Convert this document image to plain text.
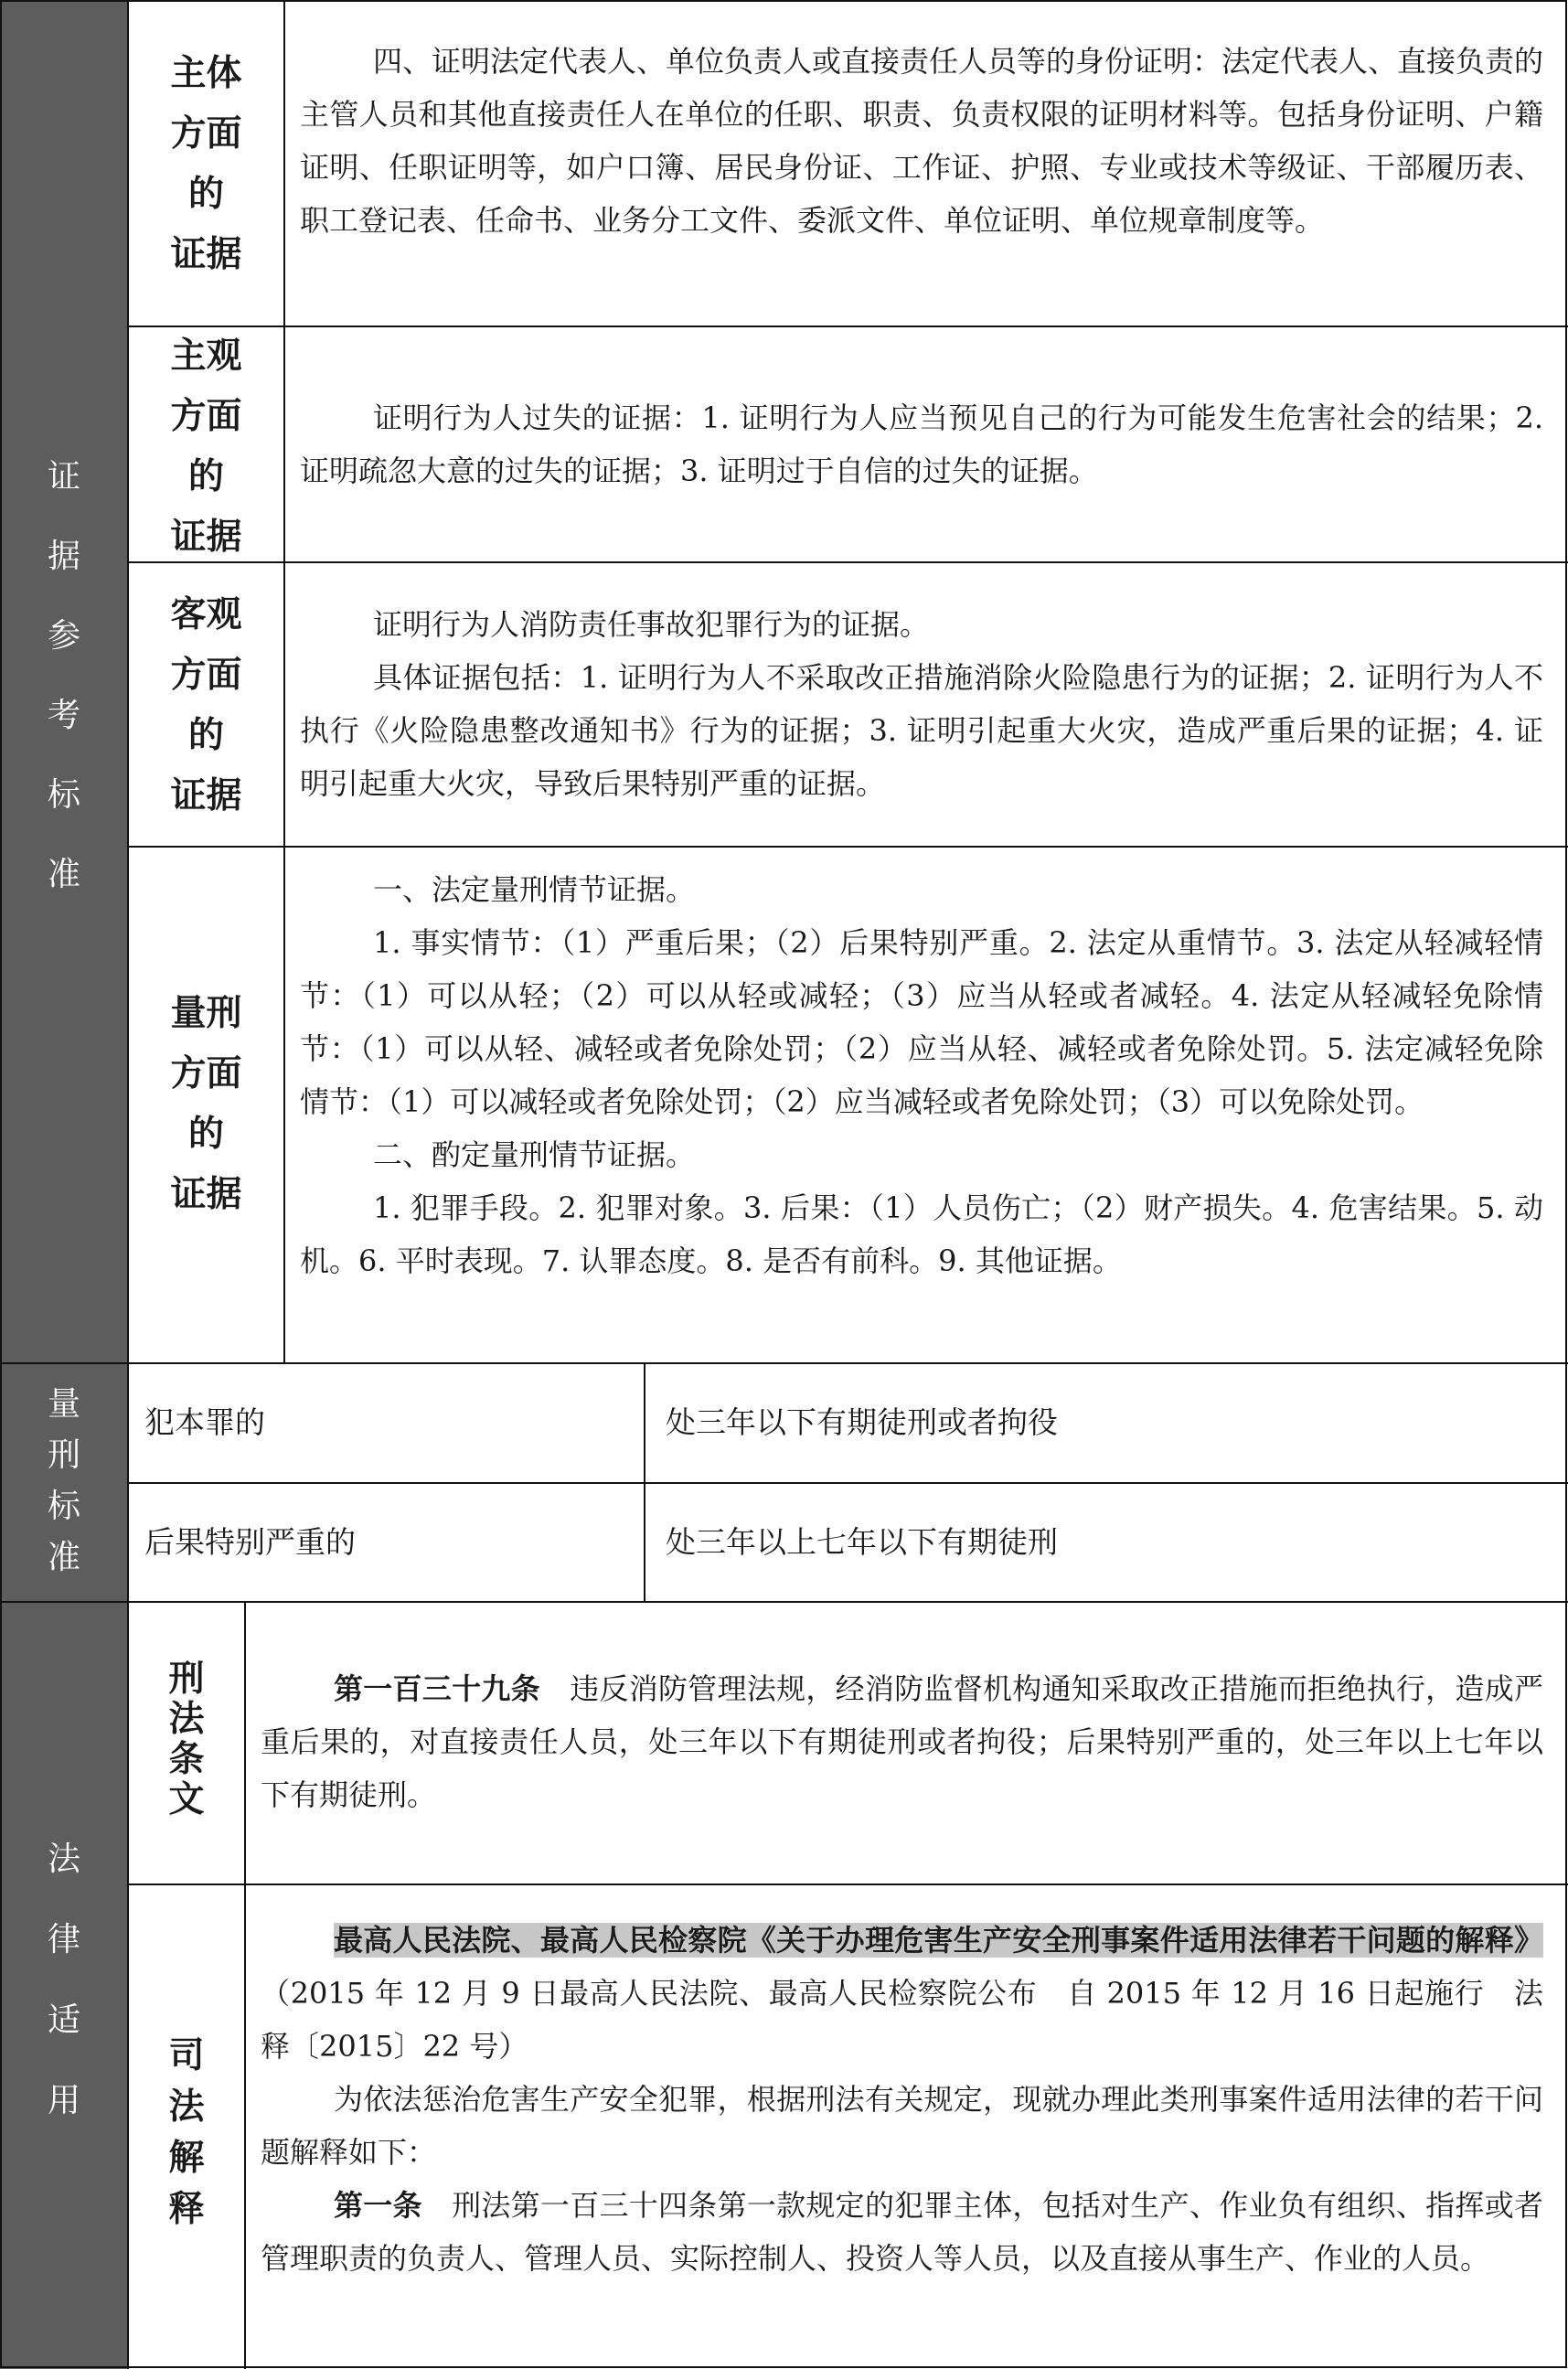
证
据
参
考
标
准
主体
方面
的
证据

四、证明法定代表人、单位负责人或直接责任人员等的身份证明：法定代表人、直接负责的主管人员和其他直接责任人在单位的任职、职责、负责权限的证明材料等。包括身份证明、户籍证明、任职证明等，如户口簿、居民身份证、工作证、护照、专业或技术等级证、干部履历表、职工登记表、任命书、业务分工文件、委派文件、单位证明、单位规章制度等。

主观
方面
的
证据

证明行为人过失的证据：1. 证明行为人应当预见自己的行为可能发生危害社会的结果；2. 证明疏忽大意的过失的证据；3. 证明过于自信的过失的证据。

客观
方面
的
证据

证明行为人消防责任事故犯罪行为的证据。

具体证据包括：1. 证明行为人不采取改正措施消除火险隐患行为的证据；2. 证明行为人不执行《火险隐患整改通知书》行为的证据；3. 证明引起重大火灾，造成严重后果的证据；4. 证明引起重大火灾，导致后果特别严重的证据。

量刑
方面
的
证据

一、法定量刑情节证据。

1. 事实情节：（1）严重后果；（2）后果特别严重。2. 法定从重情节。3. 法定从轻减轻情节：（1）可以从轻；（2）可以从轻或减轻；（3）应当从轻或者减轻。4. 法定从轻减轻免除情节：（1）可以从轻、减轻或者免除处罚；（2）应当从轻、减轻或者免除处罚。5. 法定减轻免除情节：（1）可以减轻或者免除处罚；（2）应当减轻或者免除处罚；（3）可以免除处罚。

二、酌定量刑情节证据。

1. 犯罪手段。2. 犯罪对象。3. 后果：（1）人员伤亡；（2）财产损失。4. 危害结果。5. 动机。6. 平时表现。7. 认罪态度。8. 是否有前科。9. 其他证据。

量
刑
标
准
犯本罪的	处三年以下有期徒刑或者拘役
后果特别严重的	处三年以上七年以下有期徒刑
法
律
适
用
刑
法
条
文

第一百三十九条　 违反消防管理法规，经消防监督机构通知采取改正措施而拒绝执行，造成严重后果的，对直接责任人员，处三年以下有期徒刑或者拘役；后果特别严重的，处三年以上七年以下有期徒刑。

司
法
解
释

最高人民法院、最高人民检察院《关于办理危害生产安全刑事案件适用法律若干问题的解释》（2015 年 12 月 9 日最高人民法院、最高人民检察院公布　自 2015 年 12 月 16 日起施行　法释〔2015〕22 号）

为依法惩治危害生产安全犯罪，根据刑法有关规定，现就办理此类刑事案件适用法律的若干问题解释如下：

第一条　 刑法第一百三十四条第一款规定的犯罪主体，包括对生产、作业负有组织、指挥或者管理职责的负责人、管理人员、实际控制人、投资人等人员，以及直接从事生产、作业的人员。
